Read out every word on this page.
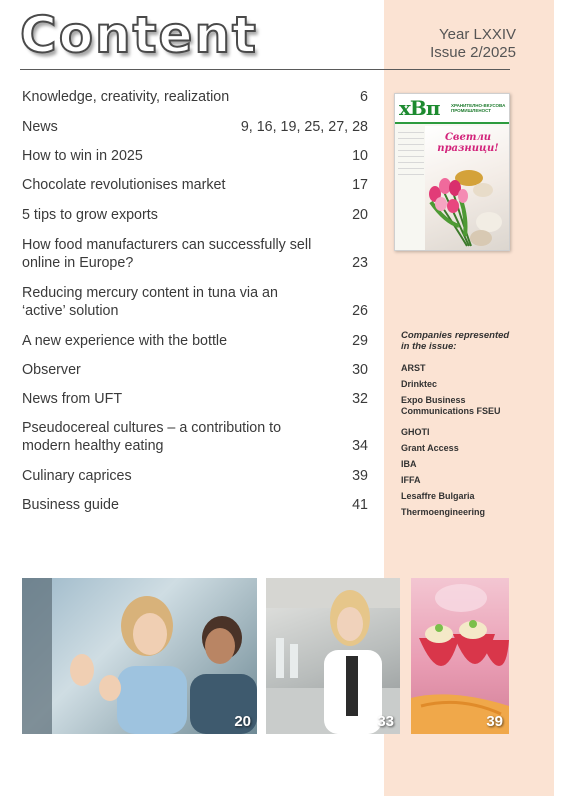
Content	Year LXXIV
Issue 2/2025
Knowledge, creativity, realization	6
News	9, 16, 19, 25, 27, 28
How to win in 2025	10
Chocolate revolutionises market	17
5 tips to grow exports	20
How food manufacturers can successfully sell online in Europe?	23
Reducing mercury content in tuna via an ‘active’ solution	26
A new experience with the bottle	29
Observer	30
News from UFT	32
Pseudocereal cultures – a contribution to modern healthy eating	34
Culinary caprices	39
Business guide	41
хВп	ХРАНИТЕЛНО-ВКУСОВА ПРОМИШЛЕНОСТ
Светли празници!
Companies represented in the issue:
ARST
Drinktec
Expo Business Communications FSEU
GHOTI
Grant Access
IBA
IFFA
Lesaffre Bulgaria
Thermoengineering
20	33	39
